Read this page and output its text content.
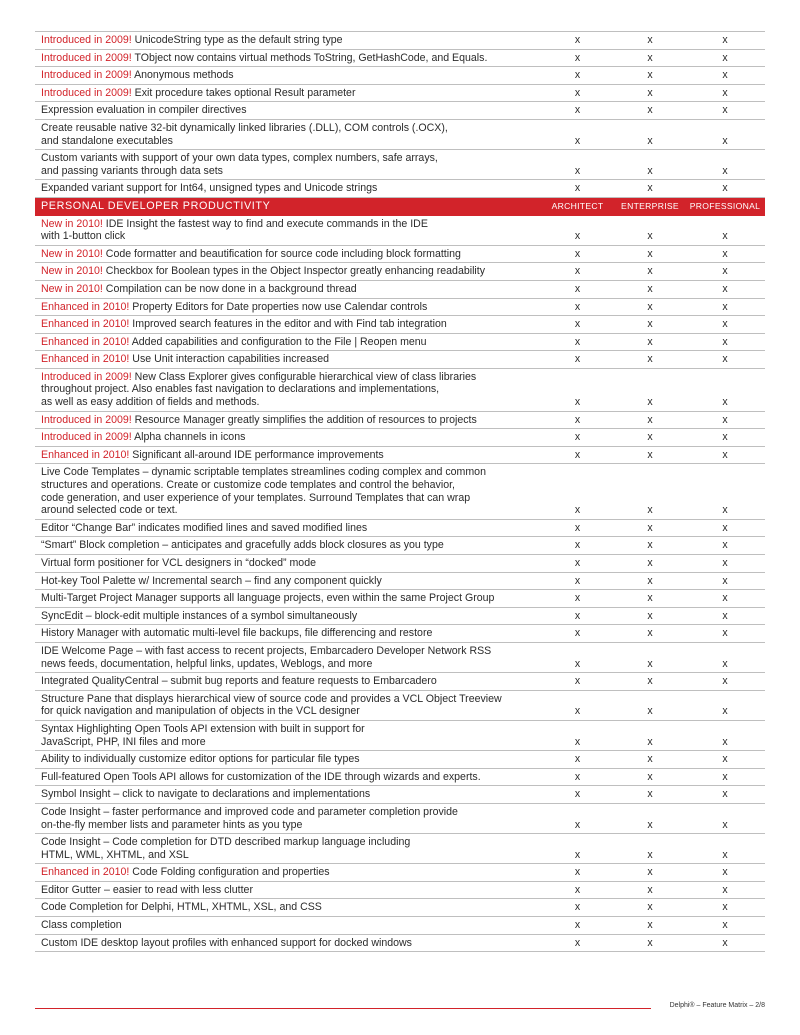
Introduced in 2009! UnicodeString type as the default string type	x	x	x
Introduced in 2009! TObject now contains virtual methods ToString, GetHashCode, and Equals.	x	x	x
Introduced in 2009! Anonymous methods	x	x	x
Introduced in 2009! Exit procedure takes optional Result parameter	x	x	x
Expression evaluation in compiler directives	x	x	x
Create reusable native 32-bit dynamically linked libraries (.DLL), COM controls (.OCX),
and standalone executables	x	x	x
Custom variants with support of your own data types, complex numbers, safe arrays,
and passing variants through data sets	x	x	x
Expanded variant support for Int64, unsigned types and Unicode strings	x	x	x
PERSONAL DEVELOPER PRODUCTIVITY	ARCHITECT	ENTERPRISE	PROFESSIONAL
New in 2010! IDE Insight the fastest way to find and execute commands in the IDE
with 1-button click	x	x	x
New in 2010! Code formatter and beautification for source code including block formatting	x	x	x
New in 2010! Checkbox for Boolean types in the Object Inspector greatly enhancing readability	x	x	x
New in 2010! Compilation can be now done in a background thread	x	x	x
Enhanced in 2010! Property Editors for Date properties now use Calendar controls	x	x	x
Enhanced in 2010! Improved search features in the editor and with Find tab integration	x	x	x
Enhanced in 2010! Added capabilities and configuration to the File | Reopen menu	x	x	x
Enhanced in 2010! Use Unit interaction capabilities increased	x	x	x
Introduced in 2009! New Class Explorer gives configurable hierarchical view of class libraries
throughout project. Also enables fast navigation to declarations and implementations,
as well as easy addition of fields and methods.	x	x	x
Introduced in 2009! Resource Manager greatly simplifies the addition of resources to projects	x	x	x
Introduced in 2009! Alpha channels in icons	x	x	x
Enhanced in 2010! Significant all-around IDE performance improvements	x	x	x
Live Code Templates – dynamic scriptable templates streamlines coding complex and common
structures and operations. Create or customize code templates and control the behavior,
code generation, and user experience of your templates. Surround Templates that can wrap
around selected code or text.	x	x	x
Editor “Change Bar” indicates modified lines and saved modified lines	x	x	x
“Smart” Block completion – anticipates and gracefully adds block closures as you type	x	x	x
Virtual form positioner for VCL designers in “docked” mode	x	x	x
Hot-key Tool Palette w/ Incremental search – find any component quickly	x	x	x
Multi-Target Project Manager supports all language projects, even within the same Project Group	x	x	x
SyncEdit – block-edit multiple instances of a symbol simultaneously	x	x	x
History Manager with automatic multi-level file backups, file differencing and restore	x	x	x
IDE Welcome Page – with fast access to recent projects, Embarcadero Developer Network RSS
news feeds, documentation, helpful links, updates, Weblogs, and more	x	x	x
Integrated QualityCentral – submit bug reports and feature requests to Embarcadero	x	x	x
Structure Pane that displays hierarchical view of source code and provides a VCL Object Treeview
for quick navigation and manipulation of objects in the VCL designer	x	x	x
Syntax Highlighting Open Tools API extension with built in support for
JavaScript, PHP, INI files and more	x	x	x
Ability to individually customize editor options for particular file types	x	x	x
Full-featured Open Tools API allows for customization of the IDE through wizards and experts.	x	x	x
Symbol Insight – click to navigate to declarations and implementations	x	x	x
Code Insight – faster performance and improved code and parameter completion provide
on-the-fly member lists and parameter hints as you type	x	x	x
Code Insight – Code completion for DTD described markup language including
HTML, WML, XHTML, and XSL	x	x	x
Enhanced in 2010! Code Folding configuration and properties	x	x	x
Editor Gutter – easier to read with less clutter	x	x	x
Code Completion for Delphi, HTML, XHTML, XSL, and CSS	x	x	x
Class completion	x	x	x
Custom IDE desktop layout profiles with enhanced support for docked windows	x	x	x
Delphi® – Feature Matrix – 2/8
